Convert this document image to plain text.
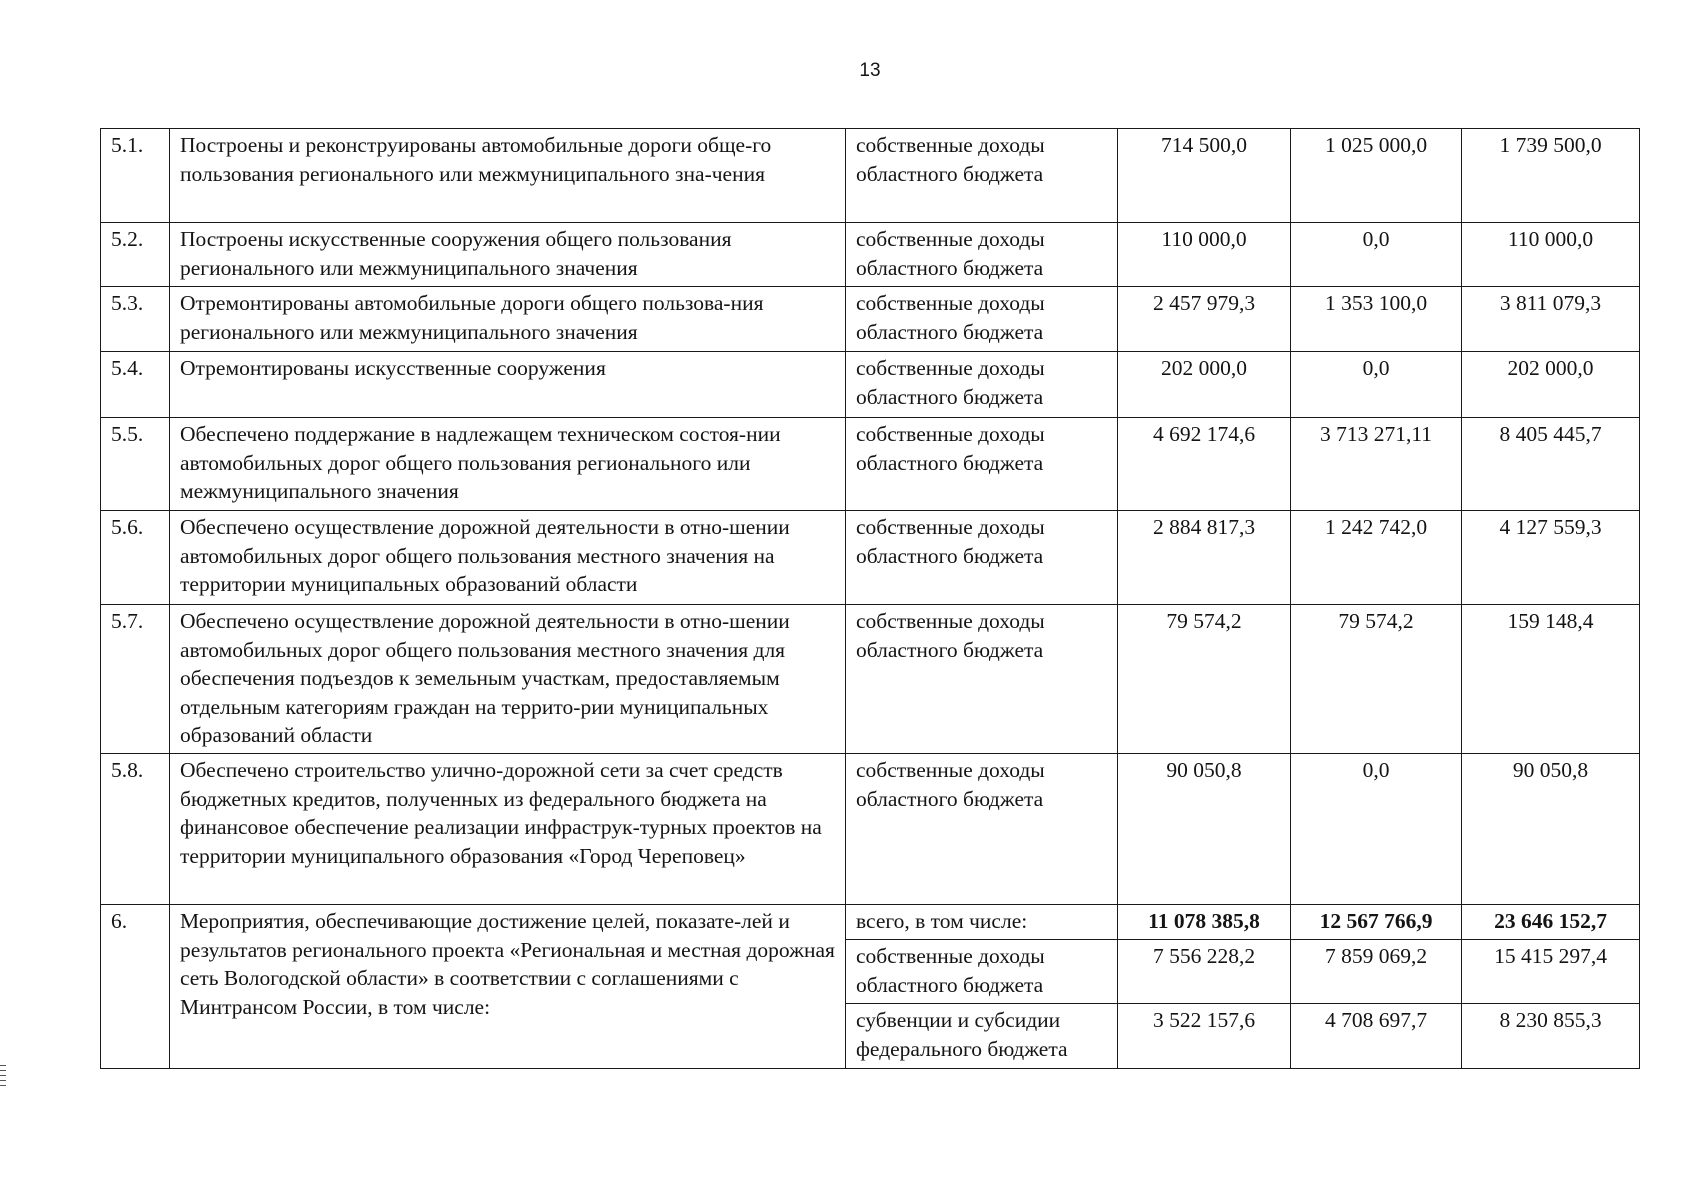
13
5.1.	Построены и реконструированы автомобильные дороги обще-го пользования регионального или межмуниципального зна-чения	собственные доходы областного бюджета	714 500,0	1 025 000,0	1 739 500,0
5.2.	Построены искусственные сооружения общего пользования регионального или межмуниципального значения	собственные доходы областного бюджета	110 000,0	0,0	110 000,0
5.3.	Отремонтированы автомобильные дороги общего пользова-ния регионального или межмуниципального значения	собственные доходы областного бюджета	2 457 979,3	1 353 100,0	3 811 079,3
5.4.	Отремонтированы искусственные сооружения	собственные доходы областного бюджета	202 000,0	0,0	202 000,0
5.5.	Обеспечено поддержание в надлежащем техническом состоя-нии автомобильных дорог общего пользования регионального или межмуниципального значения	собственные доходы областного бюджета	4 692 174,6	3 713 271,11	8 405 445,7
5.6.	Обеспечено осуществление дорожной деятельности в отно-шении автомобильных дорог общего пользования местного значения на территории муниципальных образований области	собственные доходы областного бюджета	2 884 817,3	1 242 742,0	4 127 559,3
5.7.	Обеспечено осуществление дорожной деятельности в отно-шении автомобильных дорог общего пользования местного значения для обеспечения подъездов к земельным участкам, предоставляемым отдельным категориям граждан на террито-рии муниципальных образований области	собственные доходы областного бюджета	79 574,2	79 574,2	159 148,4
5.8.	Обеспечено строительство улично-дорожной сети за счет средств бюджетных кредитов, полученных из федерального бюджета на финансовое обеспечение реализации инфраструк-турных проектов на территории муниципального образования «Город Череповец»	собственные доходы областного бюджета	90 050,8	0,0	90 050,8
6.	Мероприятия, обеспечивающие достижение целей, показате-лей и результатов регионального проекта «Региональная и местная дорожная сеть Вологодской области» в соответствии с соглашениями с Минтрансом России, в том числе:	всего, в том числе:	11 078 385,8	12 567 766,9	23 646 152,7
		собственные доходы областного бюджета	7 556 228,2	7 859 069,2	15 415 297,4
		субвенции и субсидии федерального бюджета	3 522 157,6	4 708 697,7	8 230 855,3
